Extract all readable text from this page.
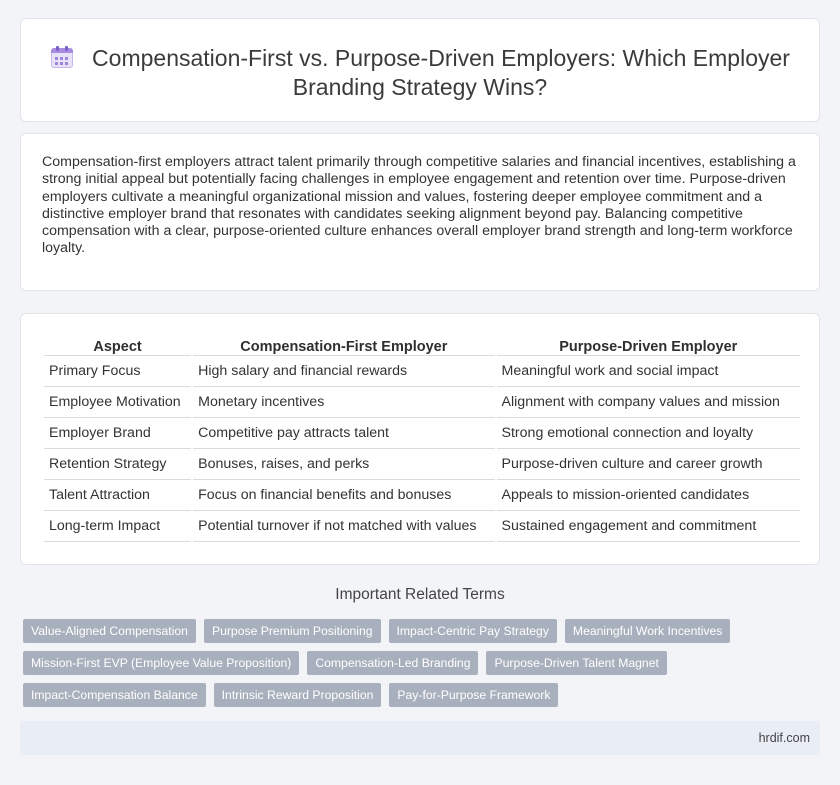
Compensation-First vs. Purpose-Driven Employers: Which Employer Branding Strategy Wins?

Compensation-first employers attract talent primarily through competitive salaries and financial incentives, establishing a strong initial appeal but potentially facing challenges in employee engagement and retention over time. Purpose-driven employers cultivate a meaningful organizational mission and values, fostering deeper employee commitment and a distinctive employer brand that resonates with candidates seeking alignment beyond pay. Balancing competitive compensation with a clear, purpose-oriented culture enhances overall employer brand strength and long-term workforce loyalty.

Aspect	Compensation-First Employer	Purpose-Driven Employer
Primary Focus	High salary and financial rewards	Meaningful work and social impact
Employee Motivation	Monetary incentives	Alignment with company values and mission
Employer Brand	Competitive pay attracts talent	Strong emotional connection and loyalty
Retention Strategy	Bonuses, raises, and perks	Purpose-driven culture and career growth
Talent Attraction	Focus on financial benefits and bonuses	Appeals to mission-oriented candidates
Long-term Impact	Potential turnover if not matched with values	Sustained engagement and commitment
Important Related Terms
Value-Aligned Compensation	Purpose Premium Positioning	Impact-Centric Pay Strategy	Meaningful Work Incentives
Mission-First EVP (Employee Value Proposition)	Compensation-Led Branding	Purpose-Driven Talent Magnet
Impact-Compensation Balance	Intrinsic Reward Proposition	Pay-for-Purpose Framework
hrdif.com
